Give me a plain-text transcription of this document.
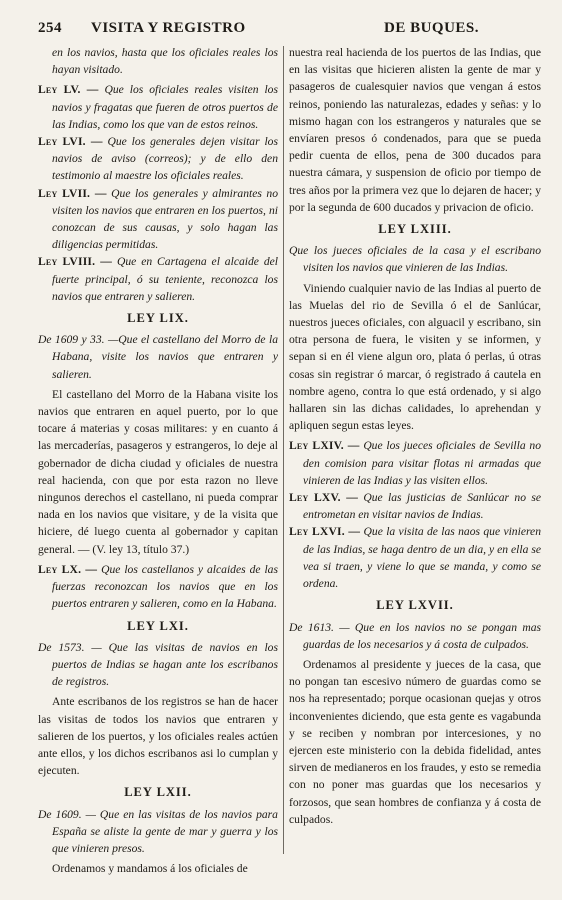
254 VISITA Y REGISTRO	DE BUQUES.

en los navios, hasta que los oficiales reales los hayan visitado.

Ley LV. — Que los oficiales reales visiten los navios y fragatas que fueren de otros puertos de las Indias, como los que van de estos reinos.

Ley LVI. — Que los generales dejen visitar los navios de aviso (correos); y de ello den testimonio al maestre los oficiales reales.

Ley LVII. — Que los generales y almirantes no visiten los navios que entraren en los puertos, ni conozcan de sus causas, y solo hagan las diligencias permitidas.

Ley LVIII. — Que en Cartagena el alcaide del fuerte principal, ó su teniente, reconozca los navios que entraren y salieren.

LEY LIX.

De 1609 y 33. —Que el castellano del Morro de la Habana, visite los navios que entraren y salieren.

El castellano del Morro de la Habana visite los navios que entraren en aquel puerto, por lo que tocare á materias y cosas militares: y en cuanto á las mercaderías, pasageros y estrangeros, lo deje al gobernador de dicha ciudad y oficiales de nuestra real hacienda, con que por esta razon no lleve ningunos derechos el castellano, ni pueda comprar nada en los navios que visitare, y de la visita que hiciere, dé luego cuenta al gobernador y capitan general. — (V. ley 13, título 37.)

Ley LX. — Que los castellanos y alcaides de las fuerzas reconozcan los navios que en los puertos entraren y salieren, como en la Habana.

LEY LXI.

De 1573. — Que las visitas de navios en los puertos de Indias se hagan ante los escribanos de registros.

Ante escribanos de los registros se han de hacer las visitas de todos los navios que entraren y salieren de los puertos, y los oficiales reales actúen ante ellos, y los dichos escribanos asi lo cumplan y ejecuten.

LEY LXII.

De 1609. — Que en las visitas de los navios para España se aliste la gente de mar y guerra y los que vinieren presos.

Ordenamos y mandamos á los oficiales de

nuestra real hacienda de los puertos de las Indias, que en las visitas que hicieren alisten la gente de mar y pasageros de cualesquier navios que vengan á estos reinos, poniendo las naturalezas, edades y señas: y lo mismo hagan con los estrangeros y naturales que se envíaren presos ó condenados, para que se pueda pedir cuenta de ellos, pena de 300 ducados para nuestra cámara, y suspension de oficio por tiempo de tres años por la primera vez que lo dejaren de hacer; y por la segunda de 600 ducados y privacion de oficio.

LEY LXIII.

Que los jueces oficiales de la casa y el escribano visiten los navios que vinieren de las Indias.

Viniendo cualquier navio de las Indias al puerto de las Muelas del rio de Sevilla ó el de Sanlúcar, nuestros jueces oficiales, con alguacil y escribano, sin otra persona de fuera, le visiten y se informen, y sepan si en él viene algun oro, plata ó perlas, ú otras cosas sin registrar ó marcar, ó registrado á cautela en nombre ageno, contra lo que está ordenado, y si algo hallaren sin las dichas calidades, lo aprehendan y apliquen segun estas leyes.

Ley LXIV. — Que los jueces oficiales de Sevilla no den comision para visitar flotas ni armadas que vinieren de las Indias y las visiten ellos.

Ley LXV. — Que las justicias de Sanlúcar no se entrometan en visitar navios de Indias.

Ley LXVI. — Que la visita de las naos que vinieren de las Indias, se haga dentro de un dia, y en ella se vea si traen, y viene lo que se manda, y como se ordena.

LEY LXVII.

De 1613. — Que en los navios no se pongan mas guardas de los necesarios y á costa de culpados.

Ordenamos al presidente y jueces de la casa, que no pongan tan escesivo número de guardas como se nos ha representado; porque ocasionan quejas y otros inconvenientes diciendo, que esta gente es vagabunda y se reciben y nombran por intercesiones, y no ejercen este ministerio con la debida fidelidad, antes sirven de medianeros en los fraudes, y esto se remedia con no poner mas guardas que los necesarios y forzosos, que sean hombres de confianza y á costa de culpados.
